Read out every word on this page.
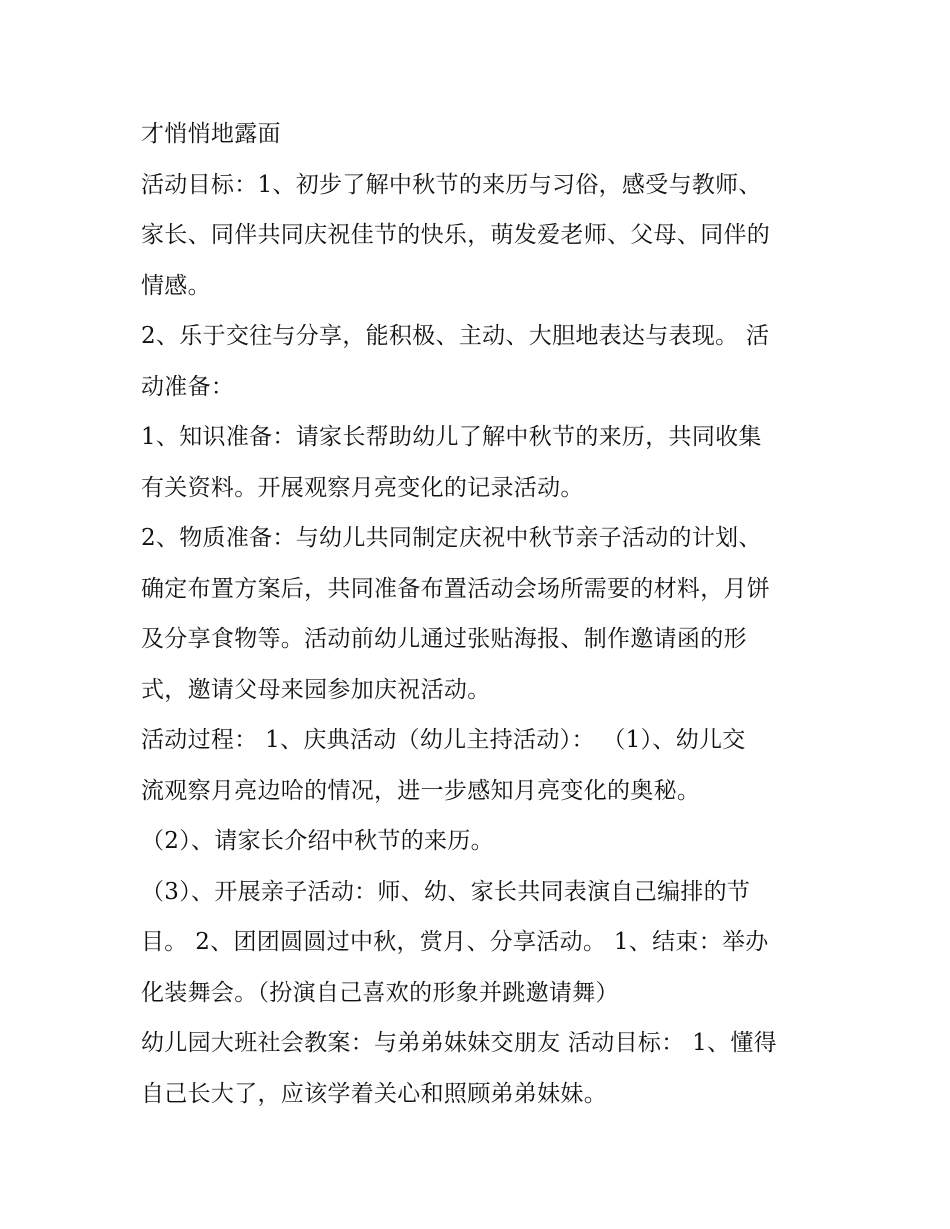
才悄悄地露面
活动目标：1、初步了解中秋节的来历与习俗，感受与教师、
家长、同伴共同庆祝佳节的快乐，萌发爱老师、父母、同伴的
情感。
2、乐于交往与分享，能积极、主动、大胆地表达与表现。 活
动准备：
1、知识准备：请家长帮助幼儿了解中秋节的来历，共同收集
有关资料。开展观察月亮变化的记录活动。
2、物质准备：与幼儿共同制定庆祝中秋节亲子活动的计划、
确定布置方案后，共同准备布置活动会场所需要的材料，月饼
及分享食物等。活动前幼儿通过张贴海报、制作邀请函的形
式，邀请父母来园参加庆祝活动。
活动过程： 1、庆典活动（幼儿主持活动）： （1）、幼儿交
流观察月亮边哈的情况，进一步感知月亮变化的奥秘。
（2）、请家长介绍中秋节的来历。
（3）、开展亲子活动：师、幼、家长共同表演自己编排的节
目。 2、团团圆圆过中秋，赏月、分享活动。 1、结束：举办
化装舞会。（扮演自己喜欢的形象并跳邀请舞）
幼儿园大班社会教案：与弟弟妹妹交朋友 活动目标： 1、懂得
自己长大了，应该学着关心和照顾弟弟妹妹。
